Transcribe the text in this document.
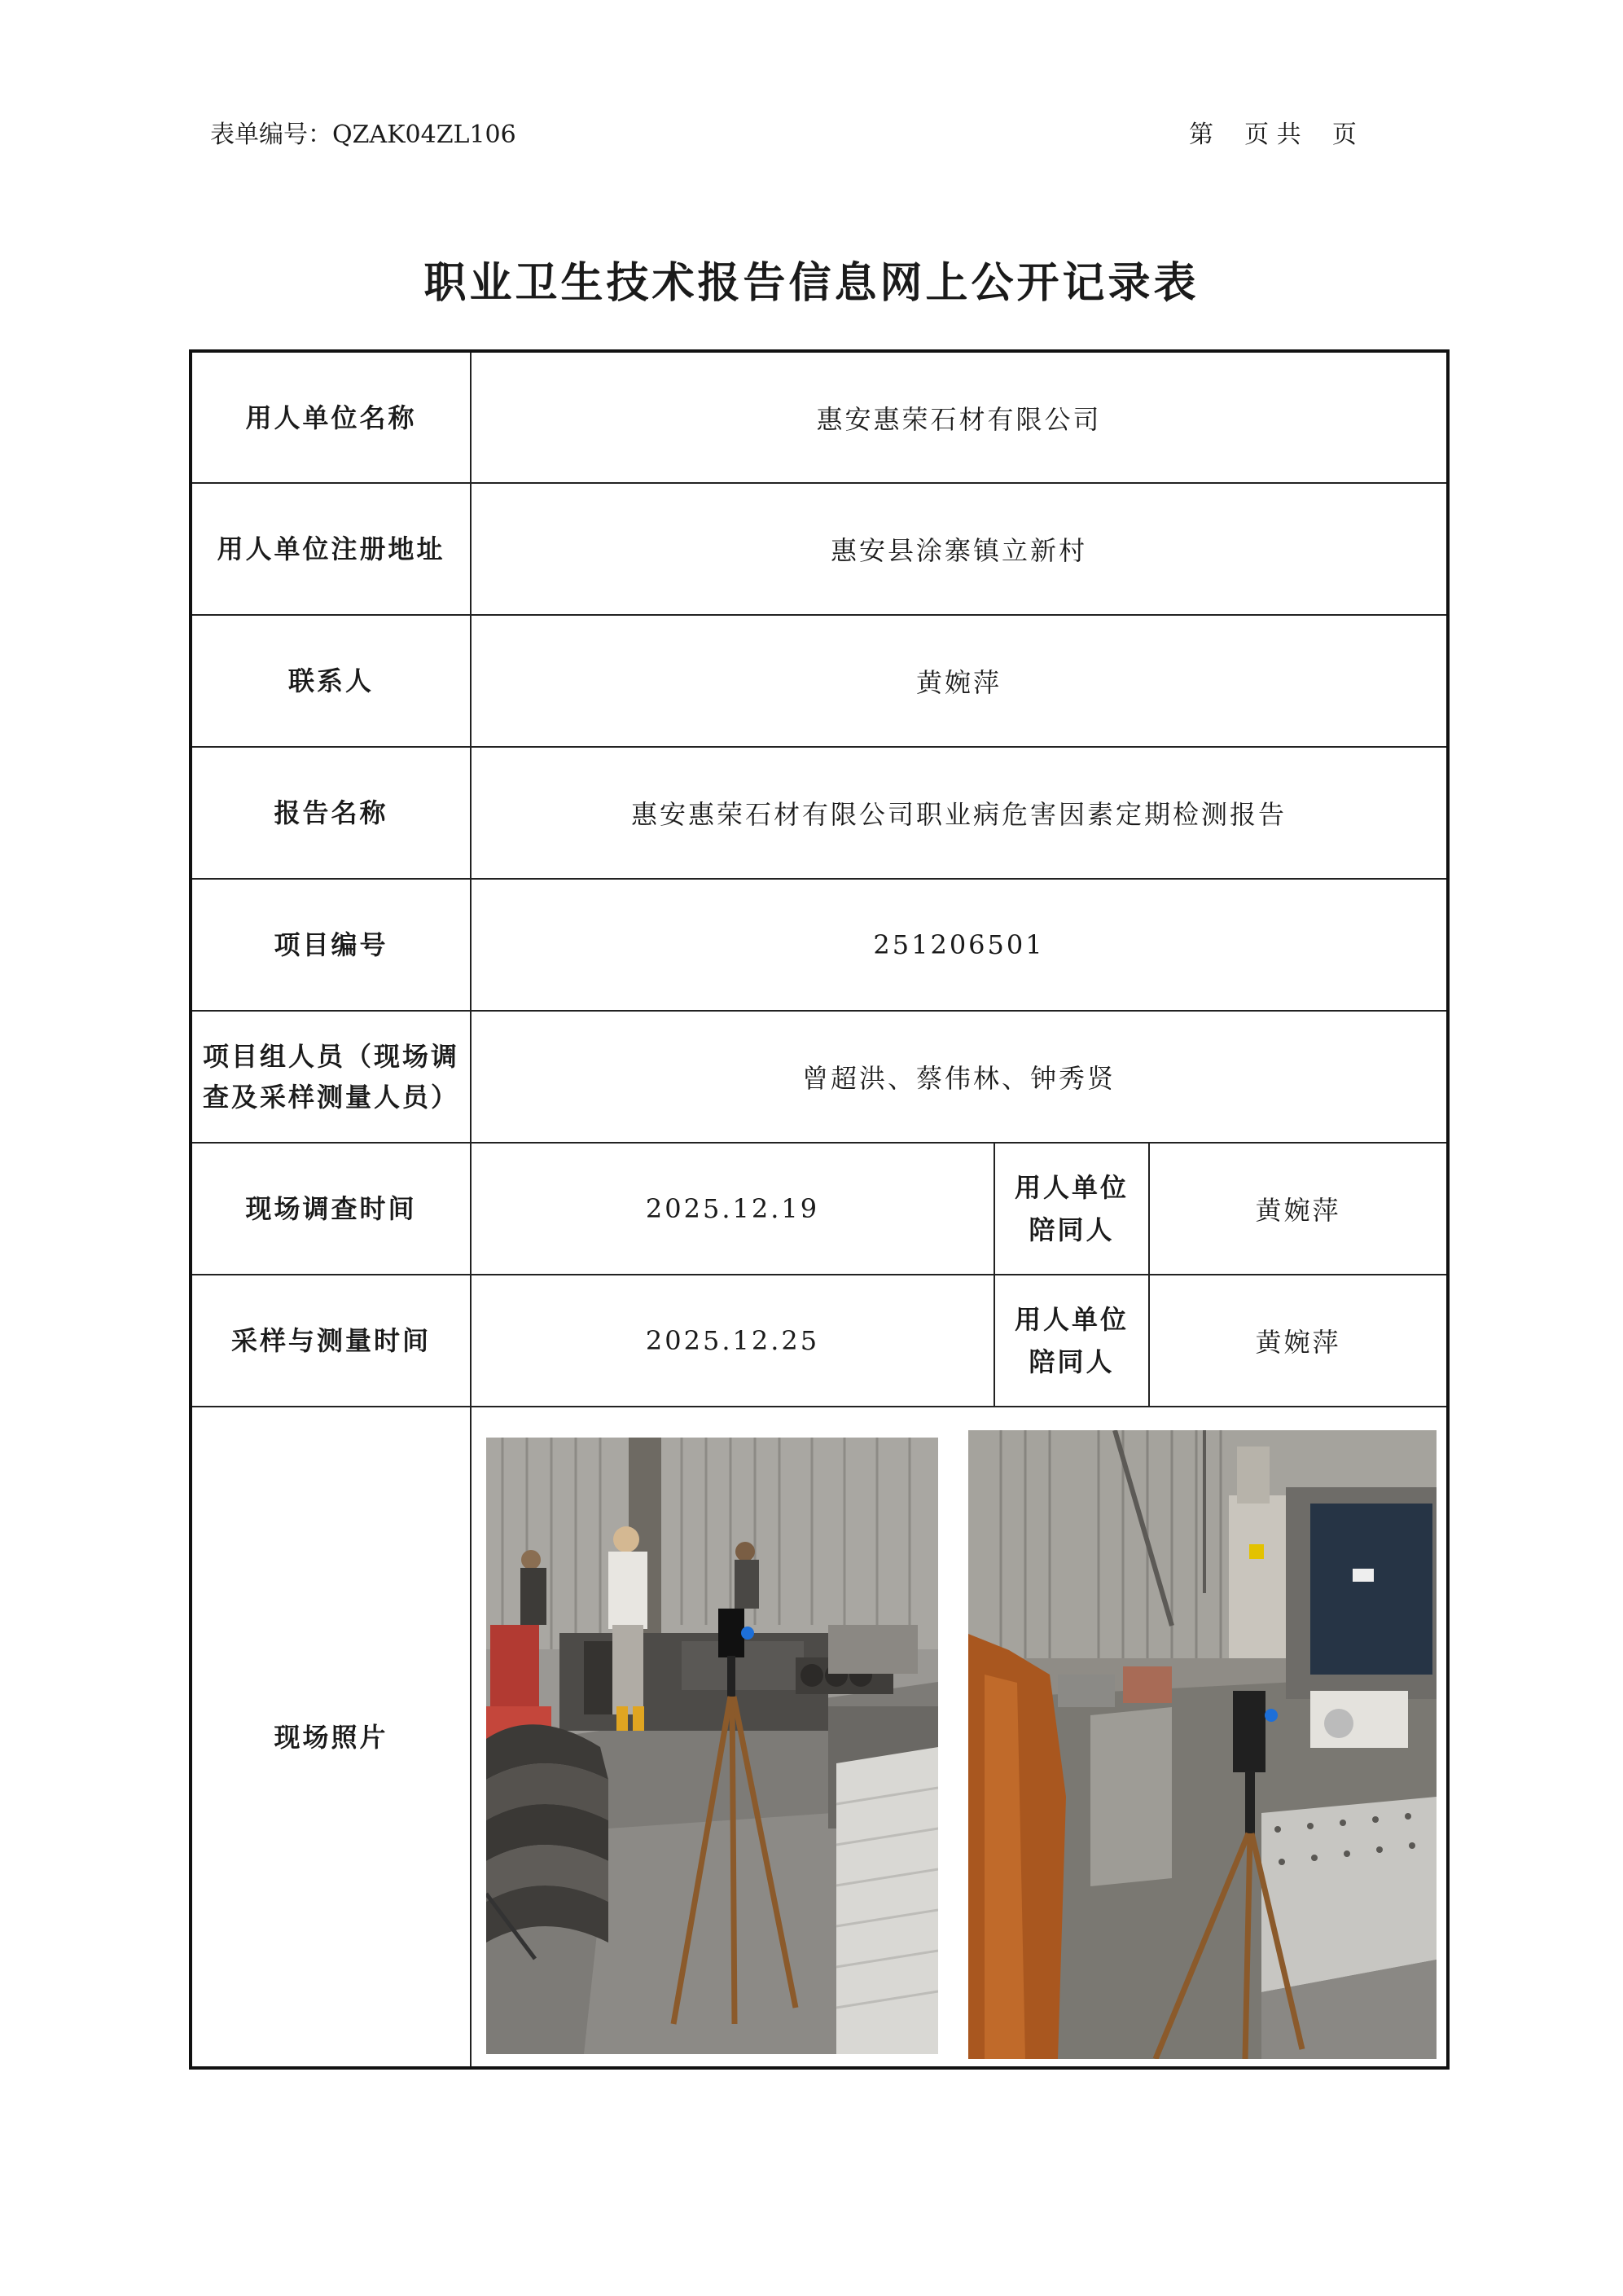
表单编号：QZAK04ZL106	第    页 共    页
职业卫生技术报告信息网上公开记录表
用人单位名称	惠安惠荣石材有限公司		
用人单位注册地址	惠安县涂寨镇立新村		
联系人	黄婉萍		
报告名称	惠安惠荣石材有限公司职业病危害因素定期检测报告		
项目编号	251206501		

项目组人员（现场调
查及采样测量人员）	曾超洪、蔡伟林、钟秀贤		
现场调查时间	2025.12.19	用人单位
陪同人	黄婉萍
采样与测量时间	2025.12.25	用人单位
陪同人	黄婉萍
现场照片	
